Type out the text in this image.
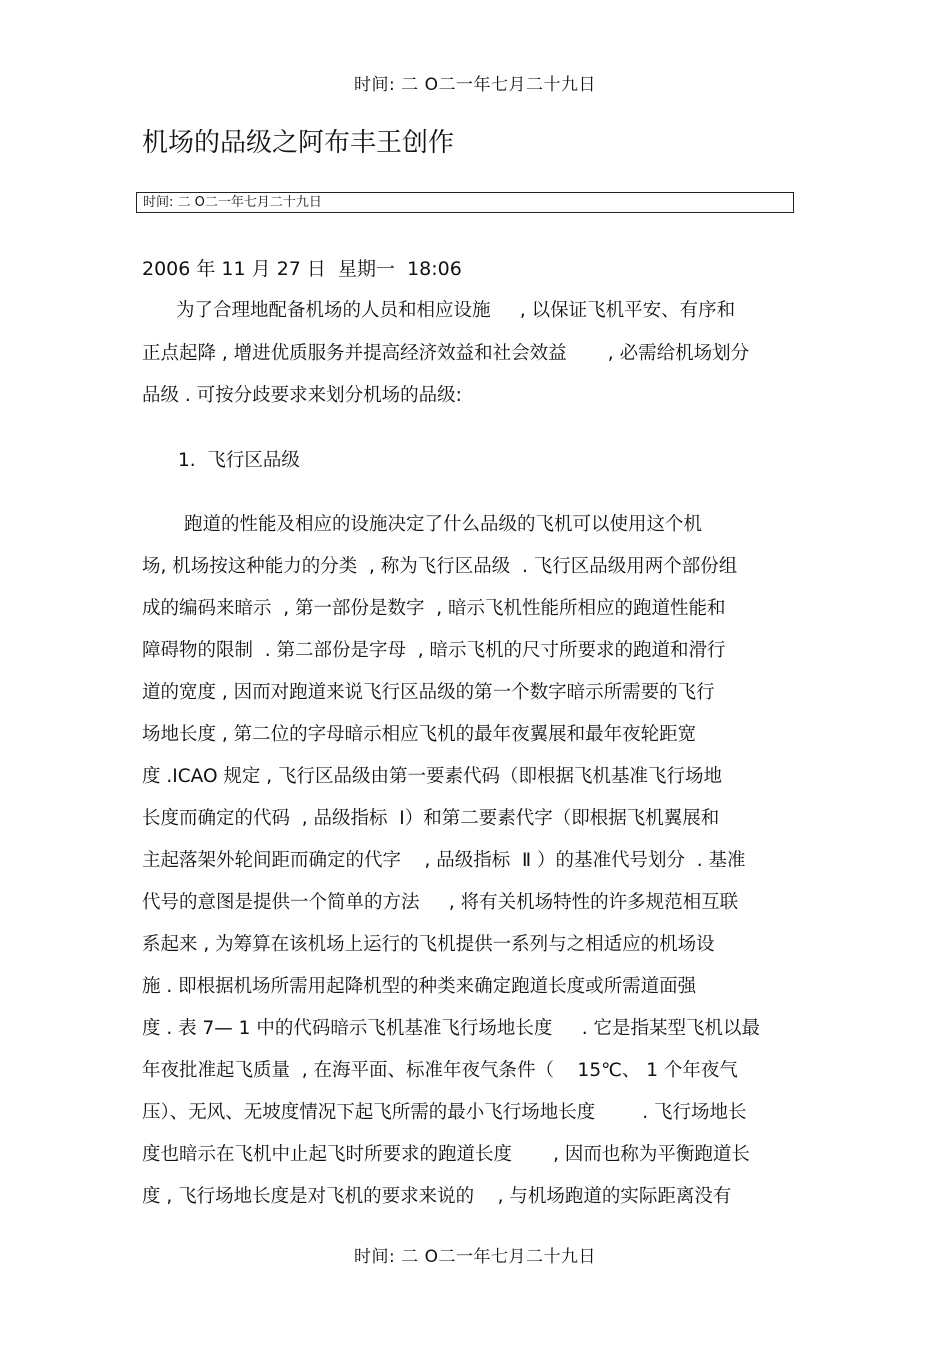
时间: 二 O二一年七月二十九日
机场的品级之阿布丰王创作
时间: 二 O二一年七月二十九日
2006 年 11 月 27 日  星期一  18:06
为了合理地配备机场的人员和相应设施     , 以保证飞机平安、有序和
正点起降 , 增进优质服务并提高经济效益和社会效益       , 必需给机场划分
品级 . 可按分歧要求来划分机场的品级:
1.  飞行区品级
跑道的性能及相应的设施决定了什么品级的飞机可以使用这个机
场, 机场按这种能力的分类  , 称为飞行区品级  . 飞行区品级用两个部份组
成的编码来暗示  , 第一部份是数字  , 暗示飞机性能所相应的跑道性能和
障碍物的限制  . 第二部份是字母  , 暗示飞机的尺寸所要求的跑道和滑行
道的宽度 , 因而对跑道来说飞行区品级的第一个数字暗示所需要的飞行
场地长度 , 第二位的字母暗示相应飞机的最年夜翼展和最年夜轮距宽
度 .ICAO 规定 , 飞行区品级由第一要素代码（即根据飞机基准飞行场地
长度而确定的代码  , 品级指标  Ⅰ）和第二要素代字（即根据飞机翼展和
主起落架外轮间距而确定的代字    , 品级指标  Ⅱ ）的基准代号划分  . 基准
代号的意图是提供一个简单的方法     , 将有关机场特性的许多规范相互联
系起来 , 为筹算在该机场上运行的飞机提供一系列与之相适应的机场设
施 . 即根据机场所需用起降机型的种类来确定跑道长度或所需道面强
度 . 表 7— 1 中的代码暗示飞机基准飞行场地长度     . 它是指某型飞机以最
年夜批准起飞质量  , 在海平面、标准年夜气条件（    15℃、 1 个年夜气
压）、无风、无坡度情况下起飞所需的最小飞行场地长度        . 飞行场地长
度也暗示在飞机中止起飞时所要求的跑道长度       , 因而也称为平衡跑道长
度 , 飞行场地长度是对飞机的要求来说的    , 与机场跑道的实际距离没有
时间: 二 O二一年七月二十九日
